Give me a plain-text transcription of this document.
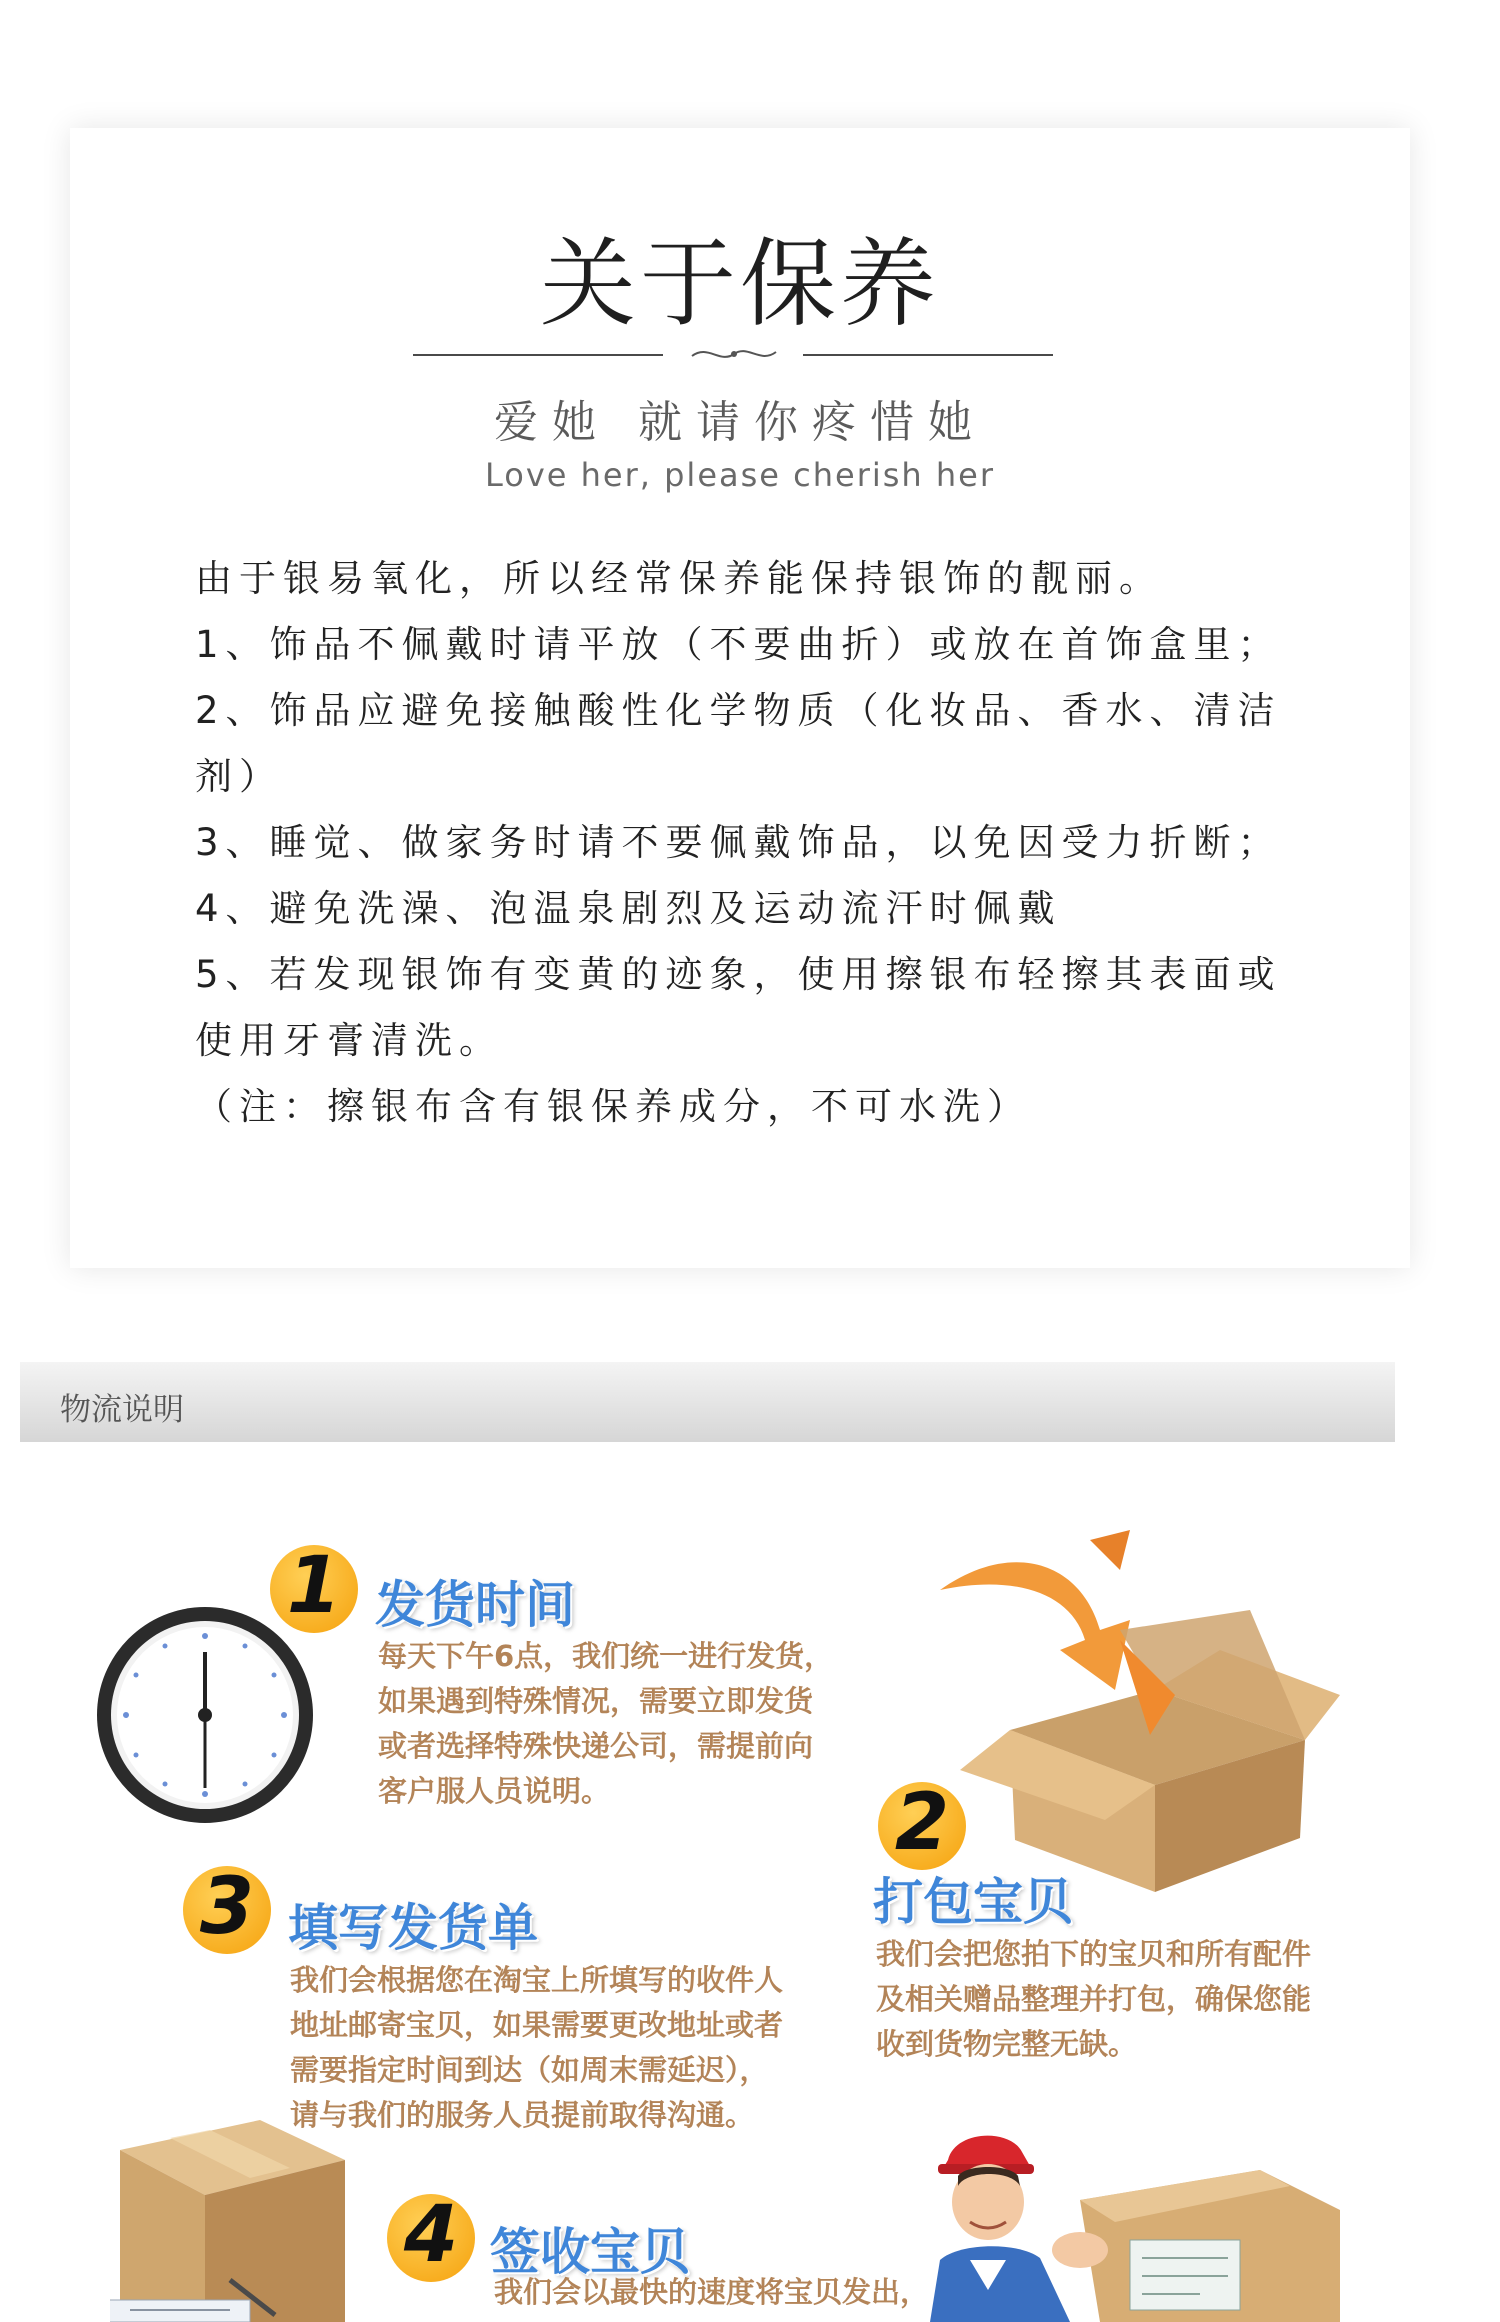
关于保养
爱她 就请你疼惜她
Love her, please cherish her

由于银易氧化，所以经常保养能保持银饰的靓丽。

1、饰品不佩戴时请平放（不要曲折）或放在首饰盒里；

2、饰品应避免接触酸性化学物质（化妆品、香水、清洁剂）

3、睡觉、做家务时请不要佩戴饰品，以免因受力折断；

4、避免洗澡、泡温泉剧烈及运动流汗时佩戴

5、若发现银饰有变黄的迹象，使用擦银布轻擦其表面或使用牙膏清洗。

（注：擦银布含有银保养成分，不可水洗）

物流说明
1 发货时间

每天下午6点，我们统一进行发货，

如果遇到特殊情况，需要立即发货

或者选择特殊快递公司，需提前向

客户服人员说明。	2
打包宝贝

我们会把您拍下的宝贝和所有配件

及相关赠品整理并打包，确保您能

收到货物完整无缺。

3 填写发货单

我们会根据您在淘宝上所填写的收件人

地址邮寄宝贝，如果需要更改地址或者

需要指定时间到达（如周末需延迟），

请与我们的服务人员提前取得沟通。

4 签收宝贝

我们会以最快的速度将宝贝发出，
